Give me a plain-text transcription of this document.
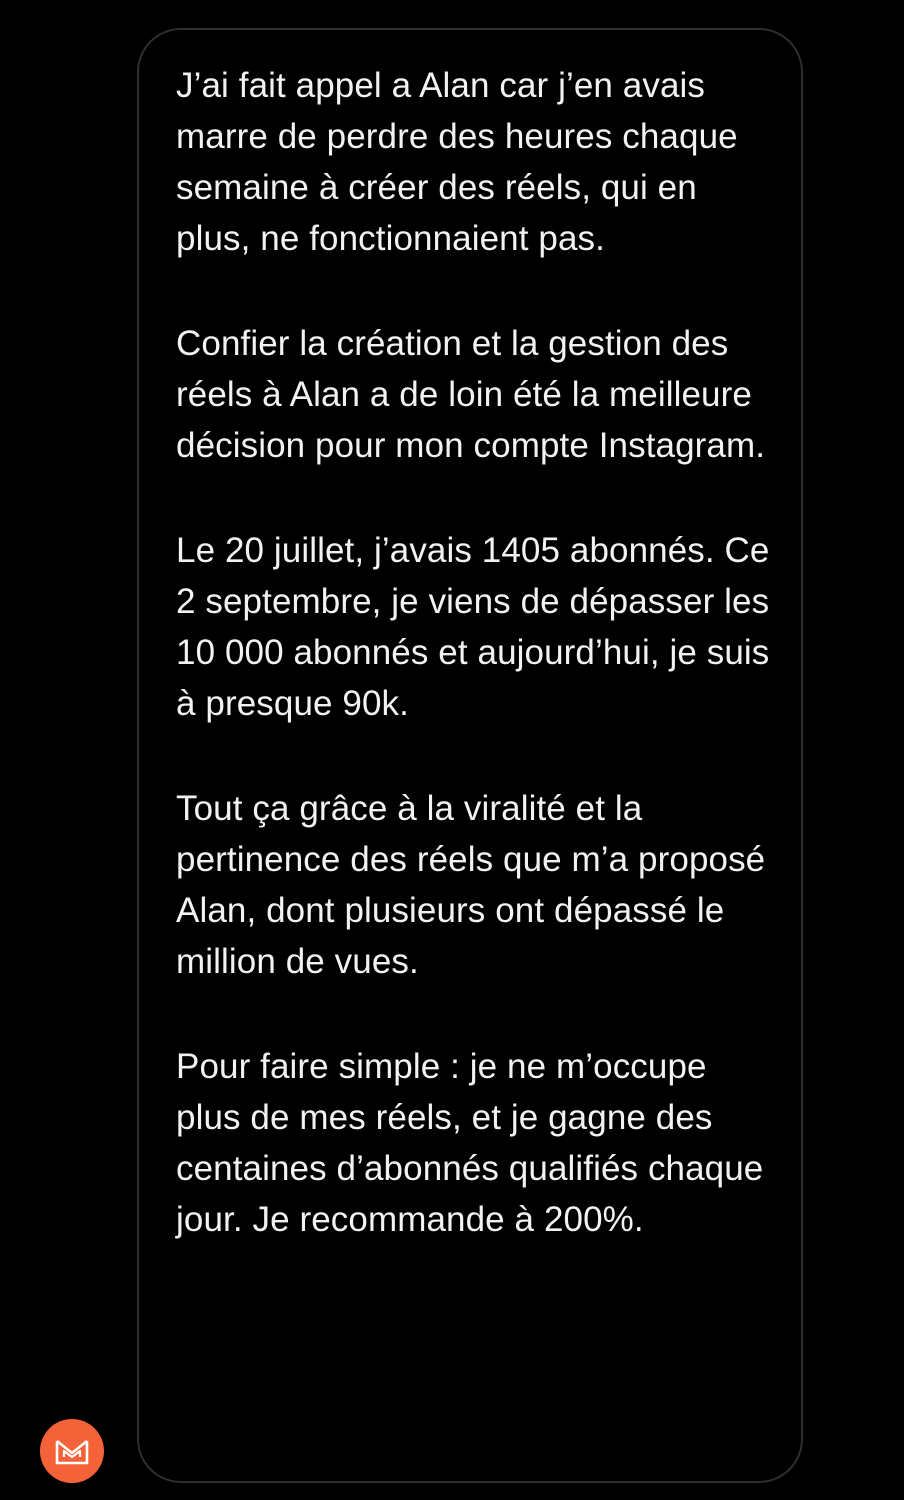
J’ai fait appel a Alan car j’en avais marre de perdre des heures chaque semaine à créer des réels, qui en plus, ne fonctionnaient pas.

Confier la création et la gestion des réels à Alan a de loin été la meilleure décision pour mon compte Instagram.

Le 20 juillet, j’avais 1405 abonnés. Ce 2 septembre, je viens de dépasser les 10 000 abonnés et aujourd’hui, je suis à presque 90k.

Tout ça grâce à la viralité et la pertinence des réels que m’a proposé Alan, dont plusieurs ont dépassé le million de vues.

Pour faire simple : je ne m’occupe plus de mes réels, et je gagne des centaines d’abonnés qualifiés chaque jour. Je recommande à 200%.
